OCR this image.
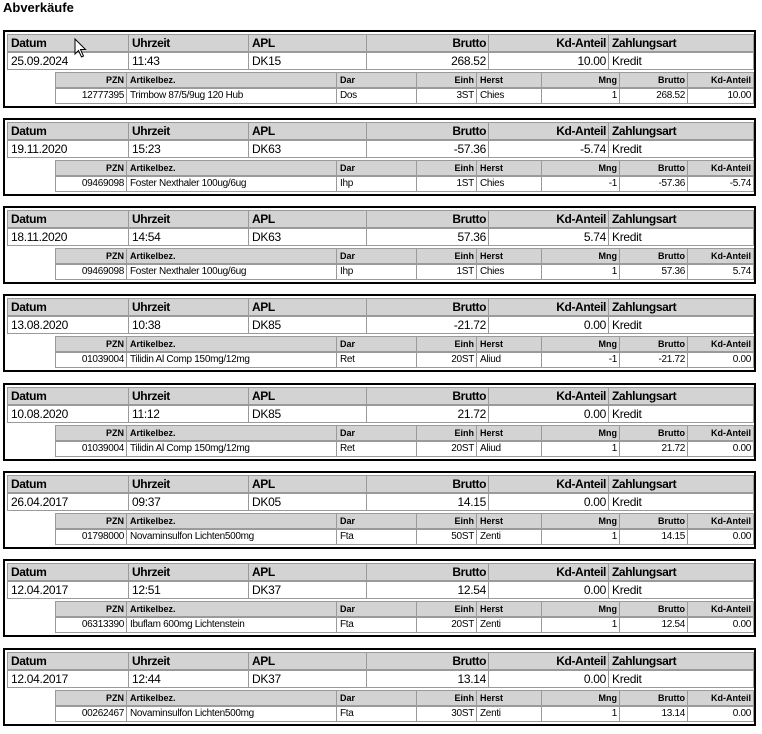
Abverkäufe
Datum	Uhrzeit	APL	Brutto	Kd-Anteil Zahlungsart
25.09.2024	11:43	DK15	268.52	10.00 Kredit
PZN Artikelbez.	Dar	Einh Herst	Mng	Brutto	Kd-Anteil
12777395 Trimbow 87/5/9ug 120 Hub	Dos	3ST Chies	1	268.52	10.00
Datum	Uhrzeit	APL	Brutto	Kd-Anteil Zahlungsart
19.11.2020	15:23	DK63	-57.36	-5.74 Kredit
PZN Artikelbez.	Dar	Einh Herst	Mng	Brutto	Kd-Anteil
09469098 Foster Nexthaler 100ug/6ug	Ihp	1ST Chies	-1	-57.36	-5.74
Datum	Uhrzeit	APL	Brutto	Kd-Anteil Zahlungsart
18.11.2020	14:54	DK63	57.36	5.74 Kredit
PZN Artikelbez.	Dar	Einh Herst	Mng	Brutto	Kd-Anteil
09469098 Foster Nexthaler 100ug/6ug	Ihp	1ST Chies	1	57.36	5.74
Datum	Uhrzeit	APL	Brutto	Kd-Anteil Zahlungsart
13.08.2020	10:38	DK85	-21.72	0.00 Kredit
PZN Artikelbez.	Dar	Einh Herst	Mng	Brutto	Kd-Anteil
01039004 Tilidin Al Comp 150mg/12mg	Ret	20ST Aliud	-1	-21.72	0.00
Datum	Uhrzeit	APL	Brutto	Kd-Anteil Zahlungsart
10.08.2020	11:12	DK85	21.72	0.00 Kredit
PZN Artikelbez.	Dar	Einh Herst	Mng	Brutto	Kd-Anteil
01039004 Tilidin Al Comp 150mg/12mg	Ret	20ST Aliud	1	21.72	0.00
Datum	Uhrzeit	APL	Brutto	Kd-Anteil Zahlungsart
26.04.2017	09:37	DK05	14.15	0.00 Kredit
PZN Artikelbez.	Dar	Einh Herst	Mng	Brutto	Kd-Anteil
01798000 Novaminsulfon Lichten500mg	Fta	50ST Zenti	1	14.15	0.00
Datum	Uhrzeit	APL	Brutto	Kd-Anteil Zahlungsart
12.04.2017	12:51	DK37	12.54	0.00 Kredit
PZN Artikelbez.	Dar	Einh Herst	Mng	Brutto	Kd-Anteil
06313390 Ibuflam 600mg Lichtenstein	Fta	20ST Zenti	1	12.54	0.00
Datum	Uhrzeit	APL	Brutto	Kd-Anteil Zahlungsart
12.04.2017	12:44	DK37	13.14	0.00 Kredit
PZN Artikelbez.	Dar	Einh Herst	Mng	Brutto	Kd-Anteil
00262467 Novaminsulfon Lichten500mg	Fta	30ST Zenti	1	13.14	0.00
